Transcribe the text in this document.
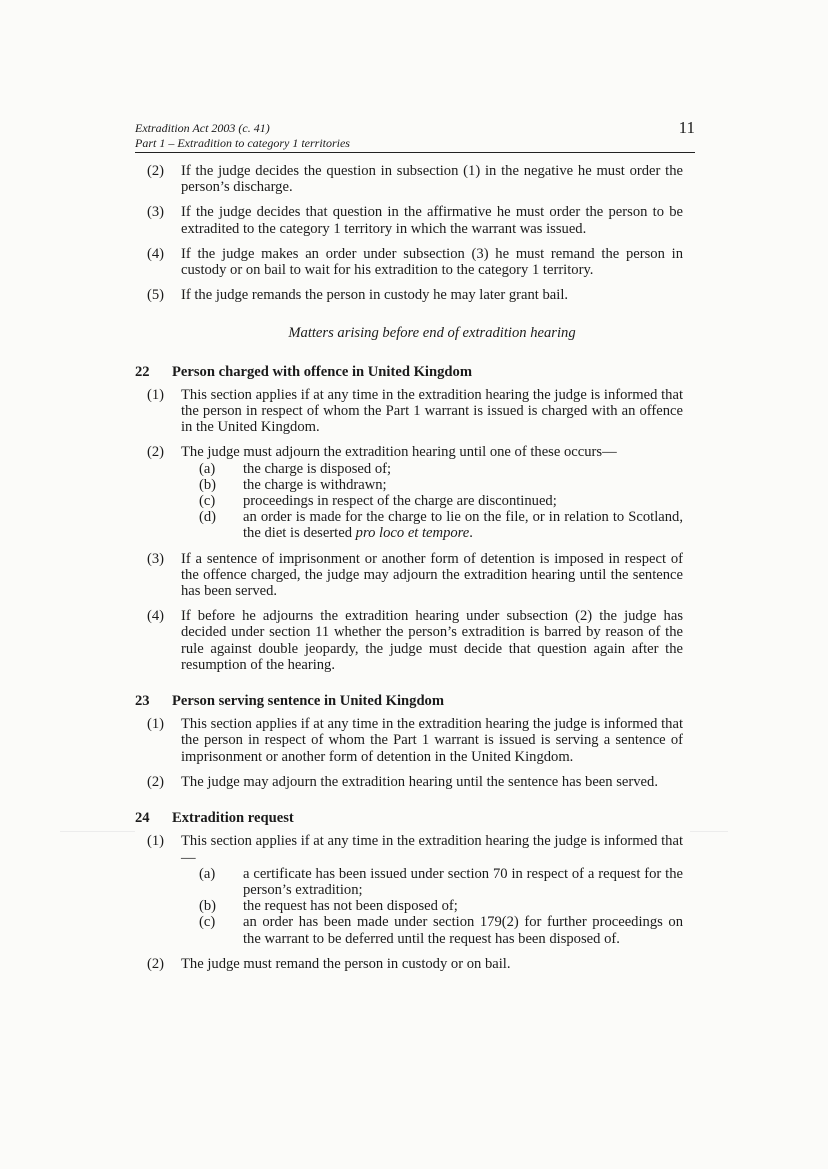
Extradition Act 2003 (c. 41)
Part 1 – Extradition to category 1 territories
11
(2) If the judge decides the question in subsection (1) in the negative he must order the person’s discharge.
(3) If the judge decides that question in the affirmative he must order the person to be extradited to the category 1 territory in which the warrant was issued.
(4) If the judge makes an order under subsection (3) he must remand the person in custody or on bail to wait for his extradition to the category 1 territory.
(5) If the judge remands the person in custody he may later grant bail.
Matters arising before end of extradition hearing
22 Person charged with offence in United Kingdom
(1) This section applies if at any time in the extradition hearing the judge is informed that the person in respect of whom the Part 1 warrant is issued is charged with an offence in the United Kingdom.
(2) The judge must adjourn the extradition hearing until one of these occurs—
(a) the charge is disposed of;
(b) the charge is withdrawn;
(c) proceedings in respect of the charge are discontinued;
(d) an order is made for the charge to lie on the file, or in relation to Scotland, the diet is deserted pro loco et tempore.
(3) If a sentence of imprisonment or another form of detention is imposed in respect of the offence charged, the judge may adjourn the extradition hearing until the sentence has been served.
(4) If before he adjourns the extradition hearing under subsection (2) the judge has decided under section 11 whether the person’s extradition is barred by reason of the rule against double jeopardy, the judge must decide that question again after the resumption of the hearing.
23 Person serving sentence in United Kingdom
(1) This section applies if at any time in the extradition hearing the judge is informed that the person in respect of whom the Part 1 warrant is issued is serving a sentence of imprisonment or another form of detention in the United Kingdom.
(2) The judge may adjourn the extradition hearing until the sentence has been served.
24 Extradition request
(1) This section applies if at any time in the extradition hearing the judge is informed that—
(a) a certificate has been issued under section 70 in respect of a request for the person’s extradition;
(b) the request has not been disposed of;
(c) an order has been made under section 179(2) for further proceedings on the warrant to be deferred until the request has been disposed of.
(2) The judge must remand the person in custody or on bail.
